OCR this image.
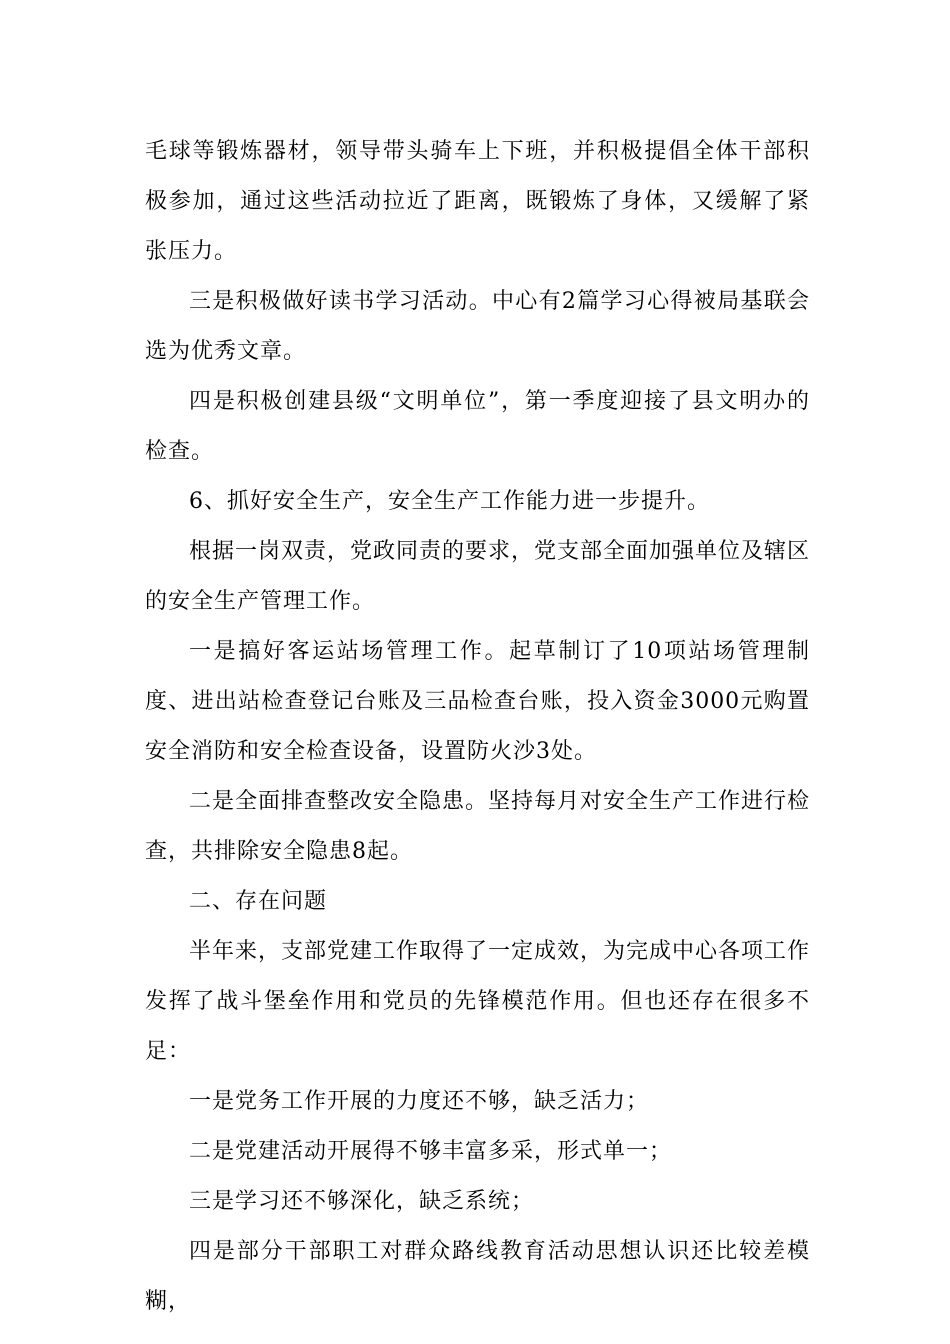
毛球等锻炼器材，领导带头骑车上下班，并积极提倡全体干部积极参加，通过这些活动拉近了距离，既锻炼了身体，又缓解了紧张压力。

三是积极做好读书学习活动。中心有2篇学习心得被局基联会选为优秀文章。

四是积极创建县级“文明单位”，第一季度迎接了县文明办的检查。

6、抓好安全生产，安全生产工作能力进一步提升。

根据一岗双责，党政同责的要求，党支部全面加强单位及辖区的安全生产管理工作。

一是搞好客运站场管理工作。起草制订了10项站场管理制度、进出站检查登记台账及三品检查台账，投入资金3000元购置安全消防和安全检查设备，设置防火沙3处。

二是全面排查整改安全隐患。坚持每月对安全生产工作进行检查，共排除安全隐患8起。

二、存在问题

半年来，支部党建工作取得了一定成效，为完成中心各项工作发挥了战斗堡垒作用和党员的先锋模范作用。但也还存在很多不足：

一是党务工作开展的力度还不够，缺乏活力；

二是党建活动开展得不够丰富多采，形式单一；

三是学习还不够深化，缺乏系统；

四是部分干部职工对群众路线教育活动思想认识还比较差模糊，
